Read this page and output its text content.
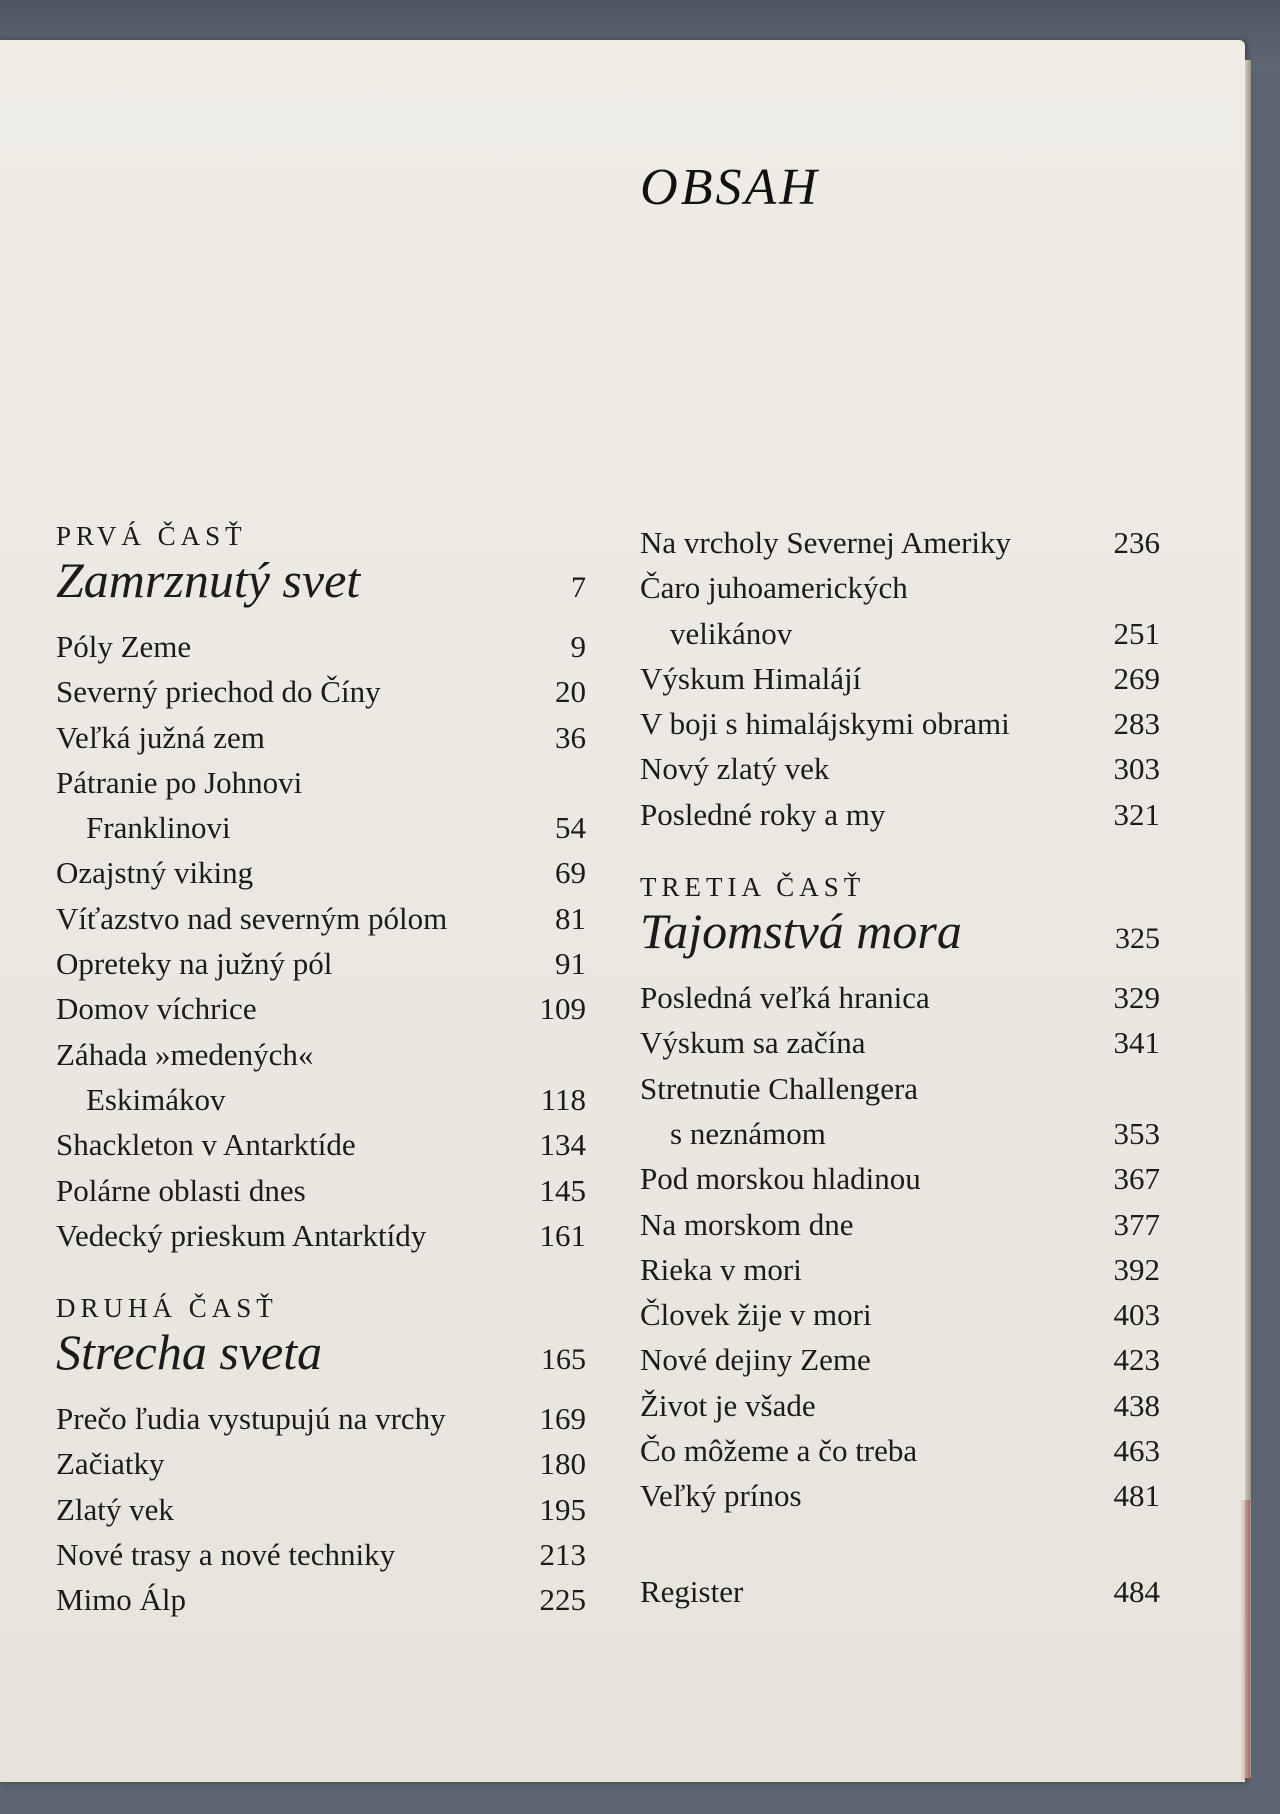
OBSAH
PRVÁ ČASŤ
Zamrznutý svet	7
Póly Zeme	9
Severný priechod do Číny	20
Veľká južná zem	36
Pátranie po Johnovi
Franklinovi	54
Ozajstný viking	69
Víťazstvo nad severným pólom	81
Opreteky na južný pól	91
Domov víchrice	109
Záhada »medených«
Eskimákov	118
Shackleton v Antarktíde	134
Polárne oblasti dnes	145
Vedecký prieskum Antarktídy	161
DRUHÁ ČASŤ
Strecha sveta	165
Prečo ľudia vystupujú na vrchy	169
Začiatky	180
Zlatý vek	195
Nové trasy a nové techniky	213
Mimo Álp	225
Na vrcholy Severnej Ameriky	236
Čaro juhoamerických
velikánov	251
Výskum Himalájí	269
V boji s himalájskymi obrami	283
Nový zlatý vek	303
Posledné roky a my	321
TRETIA ČASŤ
Tajomstvá mora	325
Posledná veľká hranica	329
Výskum sa začína	341
Stretnutie Challengera
s neznámom	353
Pod morskou hladinou	367
Na morskom dne	377
Rieka v mori	392
Človek žije v mori	403
Nové dejiny Zeme	423
Život je všade	438
Čo môžeme a čo treba	463
Veľký prínos	481
Register	484
